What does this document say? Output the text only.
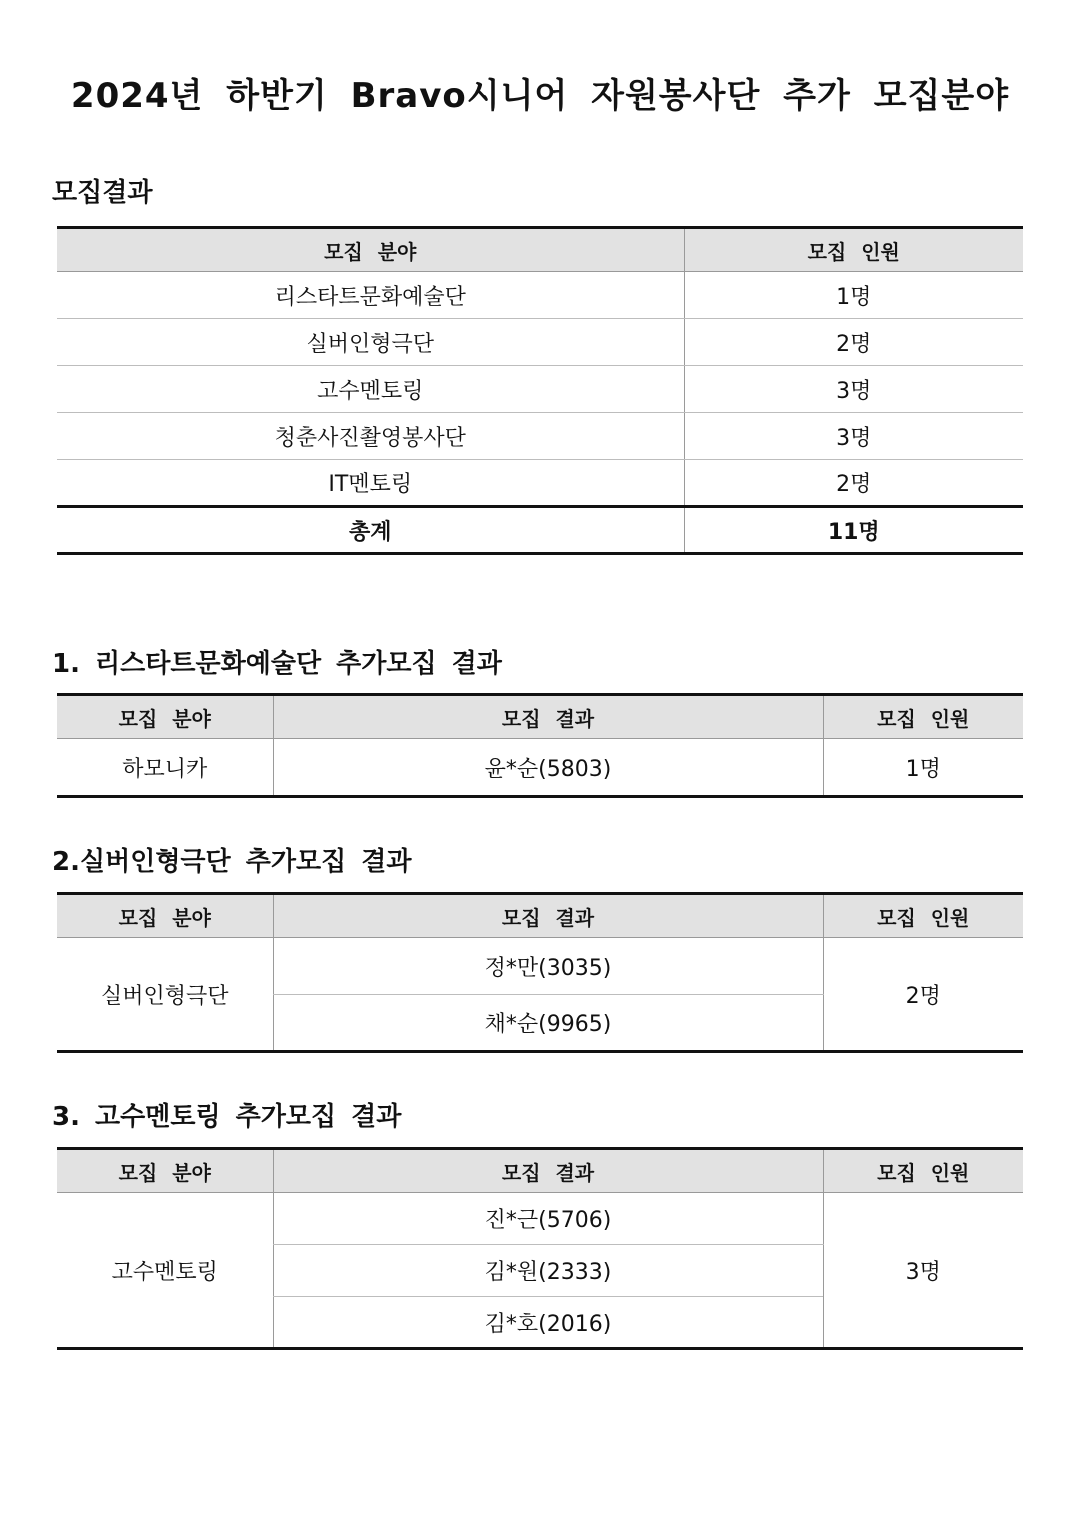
2024년 하반기 Bravo시니어 자원봉사단 추가 모집분야
모집결과
모집 분야	모집 인원
리스타트문화예술단	1명
실버인형극단	2명
고수멘토링	3명
청춘사진촬영봉사단	3명
IT멘토링	2명
총계	11명
1. 리스타트문화예술단 추가모집 결과
모집 분야	모집 결과	모집 인원
하모니카	윤*순(5803)	1명
2.실버인형극단 추가모집 결과
모집 분야	모집 결과	모집 인원
실버인형극단	정*만(3035)	2명
	채*순(9965)	
3. 고수멘토링 추가모집 결과
모집 분야	모집 결과	모집 인원
고수멘토링	진*근(5706)	3명
	김*원(2333)	
	김*호(2016)	
